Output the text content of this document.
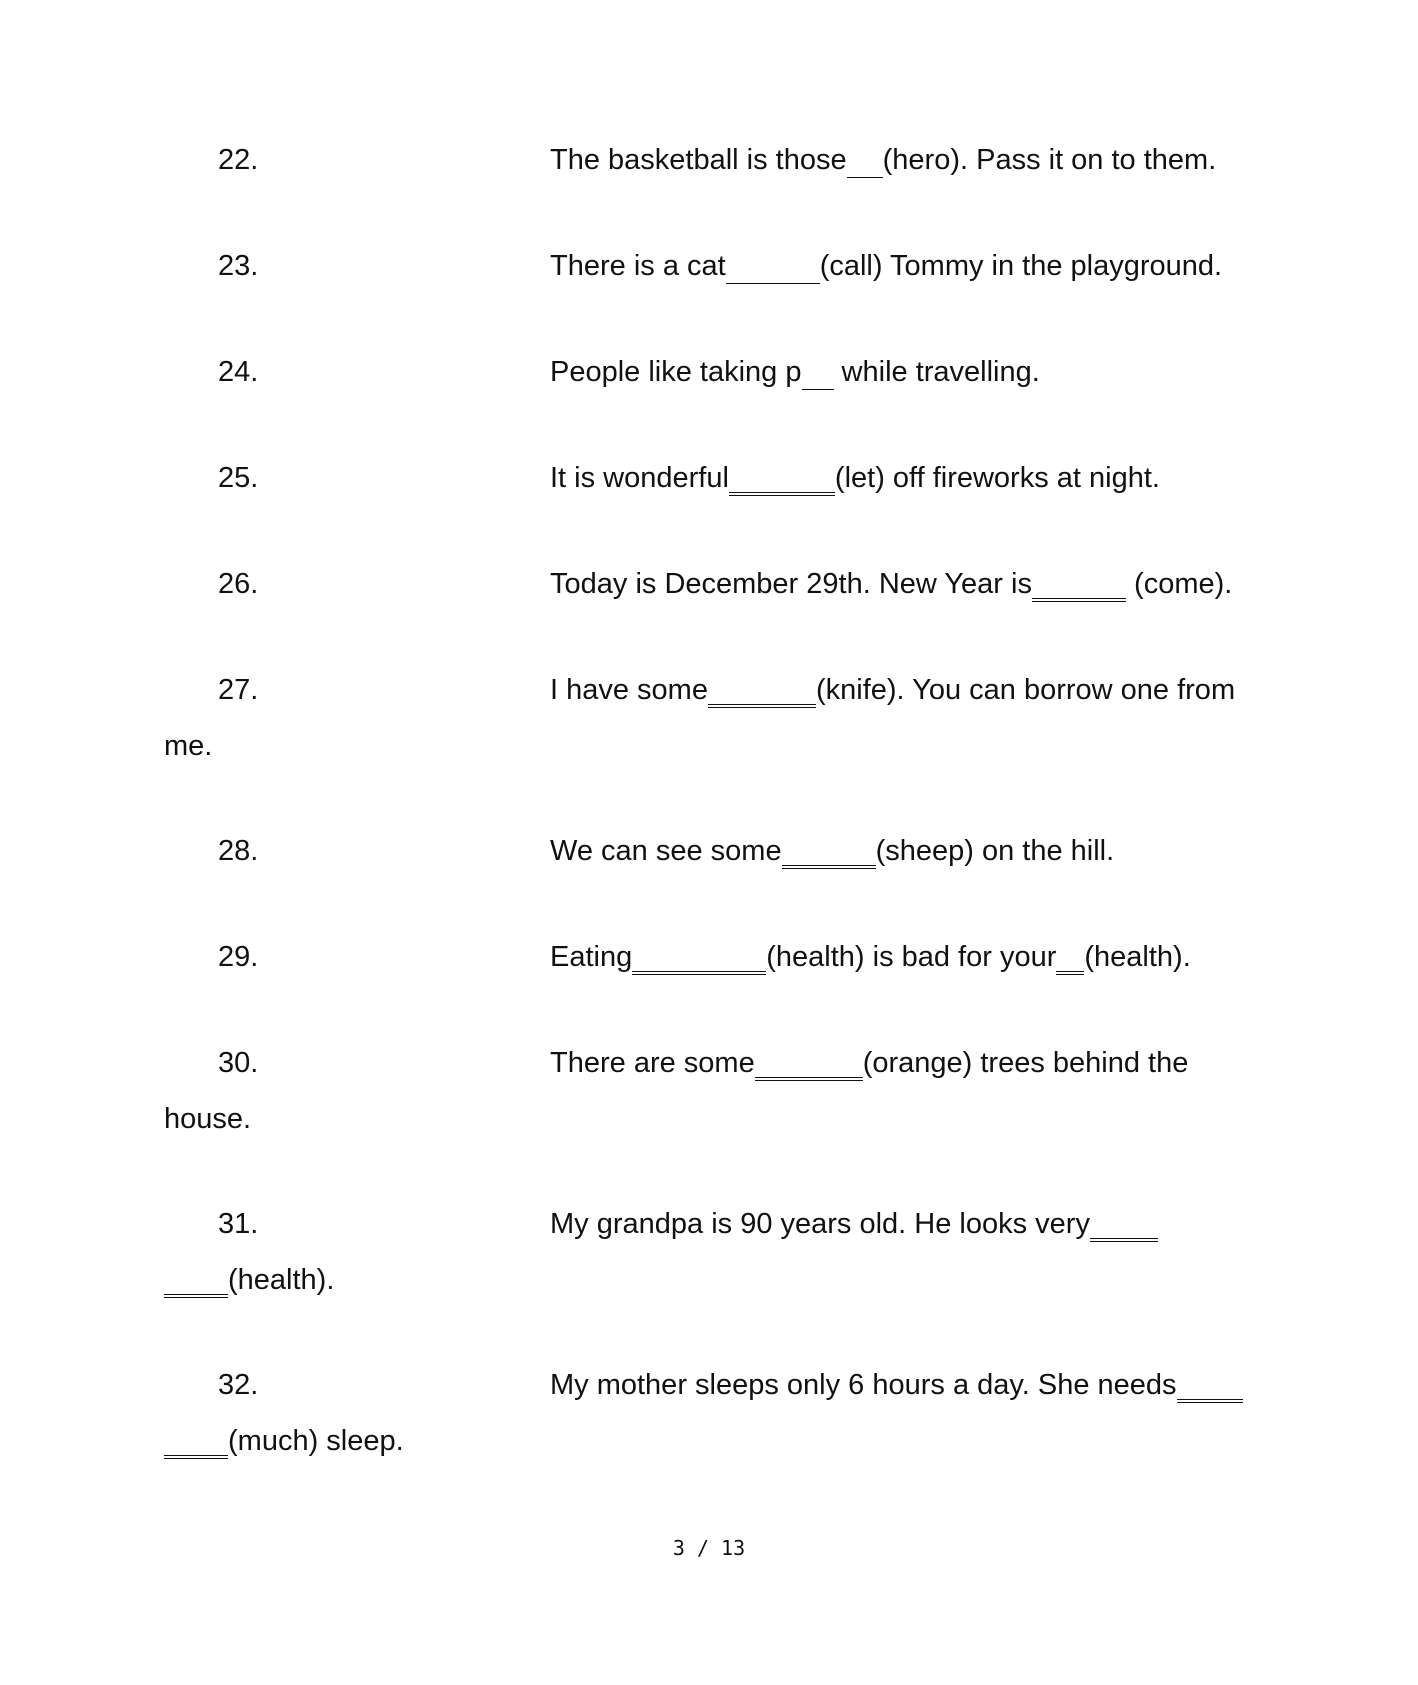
22.	The basketball is those (hero). Pass it on to them.
23.	There is a cat	(call) Tommy in the playground.
24.	People like taking p while travelling.
25.	It is wonderful	(let) off fireworks at night.
26.	Today is December 29th. New Year is	(come).
27.	I have some	(knife). You can borrow one from
me.
28.	We can see some	(sheep) on the hill.
29.	Eating	(health) is bad for your (health).
30.	There are some	(orange) trees behind the
house.
31.	My grandpa is 90 years old. He looks very
(health).
32.	My mother sleeps only 6 hours a day. She needs
(much) sleep.
3 / 13
